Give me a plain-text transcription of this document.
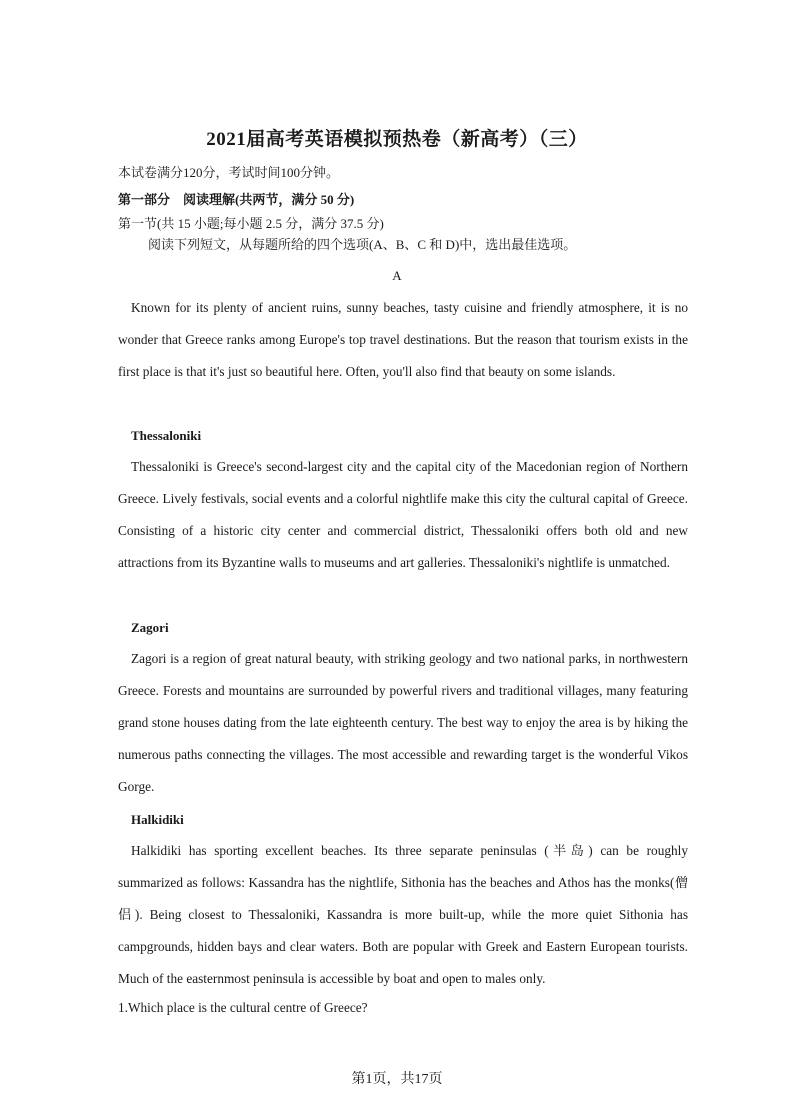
2021届高考英语模拟预热卷（新高考）（三）
本试卷满分120分，考试时间100分钟。
第一部分　阅读理解(共两节，满分 50 分)
第一节(共 15 小题;每小题 2.5 分，满分 37.5 分)
阅读下列短文，从每题所给的四个选项(A、B、C 和 D)中，选出最佳选项。
A
Known for its plenty of ancient ruins, sunny beaches, tasty cuisine and friendly atmosphere, it is no wonder that Greece ranks among Europe's top travel destinations. But the reason that tourism exists in the first place is that it's just so beautiful here. Often, you'll also find that beauty on some islands.
Thessaloniki
Thessaloniki is Greece's second-largest city and the capital city of the Macedonian region of Northern Greece. Lively festivals, social events and a colorful nightlife make this city the cultural capital of Greece. Consisting of a historic city center and commercial district, Thessaloniki offers both old and new attractions from its Byzantine walls to museums and art galleries. Thessaloniki's nightlife is unmatched.
Zagori
Zagori is a region of great natural beauty, with striking geology and two national parks, in northwestern Greece. Forests and mountains are surrounded by powerful rivers and traditional villages, many featuring grand stone houses dating from the late eighteenth century. The best way to enjoy the area is by hiking the numerous paths connecting the villages. The most accessible and rewarding target is the wonderful Vikos Gorge.
Halkidiki
Halkidiki has sporting excellent beaches. Its three separate peninsulas (半岛) can be roughly summarized as follows: Kassandra has the nightlife, Sithonia has the beaches and Athos has the monks(僧侣). Being closest to Thessaloniki, Kassandra is more built-up, while the more quiet Sithonia has campgrounds, hidden bays and clear waters. Both are popular with Greek and Eastern European tourists. Much of the easternmost peninsula is accessible by boat and open to males only.
1.Which place is the cultural centre of Greece?
第1页，共17页
